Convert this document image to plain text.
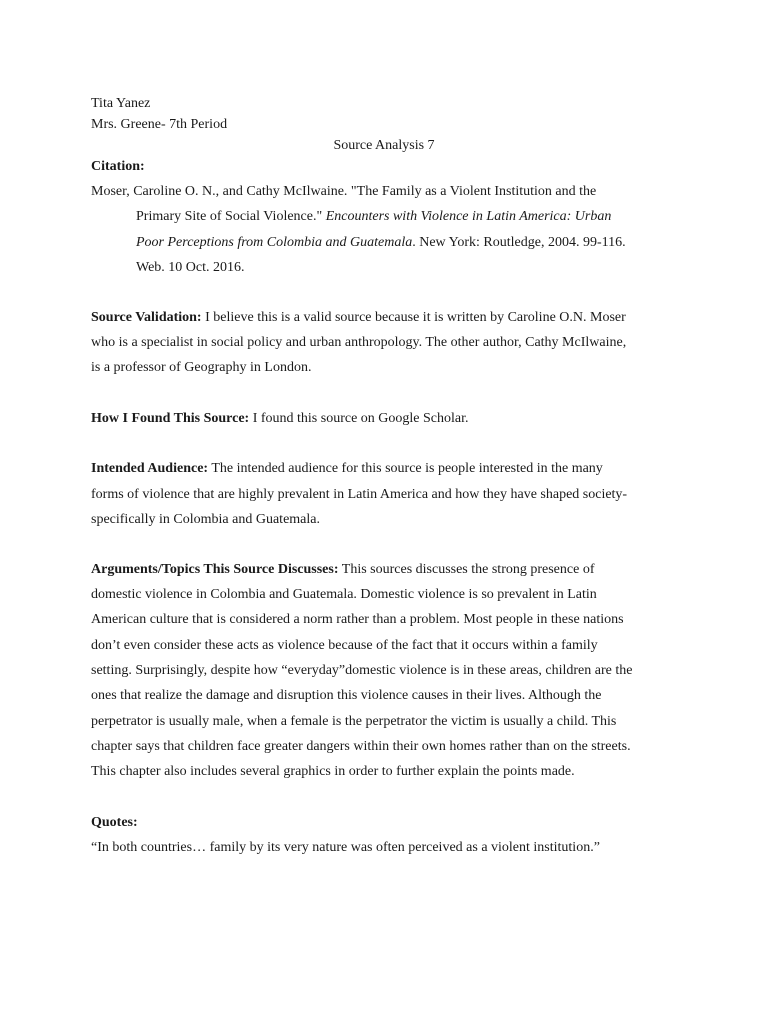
Tita Yanez
Mrs. Greene- 7th Period
Source Analysis 7
Citation:
Moser, Caroline O. N., and Cathy McIlwaine. "The Family as a Violent Institution and the
Primary Site of Social Violence." Encounters with Violence in Latin America: Urban
Poor Perceptions from Colombia and Guatemala. New York: Routledge, 2004. 99-116.
Web. 10 Oct. 2016.
Source Validation: I believe this is a valid source because it is written by Caroline O.N. Moser
who is a specialist in social policy and urban anthropology. The other author, Cathy McIlwaine,
is a professor of Geography in London.
How I Found This Source: I found this source on Google Scholar.
Intended Audience: The intended audience for this source is people interested in the many
forms of violence that are highly prevalent in Latin America and how they have shaped society-
specifically in Colombia and Guatemala.
Arguments/Topics This Source Discusses: This sources discusses the strong presence of
domestic violence in Colombia and Guatemala. Domestic violence is so prevalent in Latin
American culture that is considered a norm rather than a problem. Most people in these nations
don’t even consider these acts as violence because of the fact that it occurs within a family
setting. Surprisingly, despite how “everyday”domestic violence is in these areas, children are the
ones that realize the damage and disruption this violence causes in their lives. Although the
perpetrator is usually male, when a female is the perpetrator the victim is usually a child. This
chapter says that children face greater dangers within their own homes rather than on the streets.
This chapter also includes several graphics in order to further explain the points made.
Quotes:
“In both countries… family by its very nature was often perceived as a violent institution.”
